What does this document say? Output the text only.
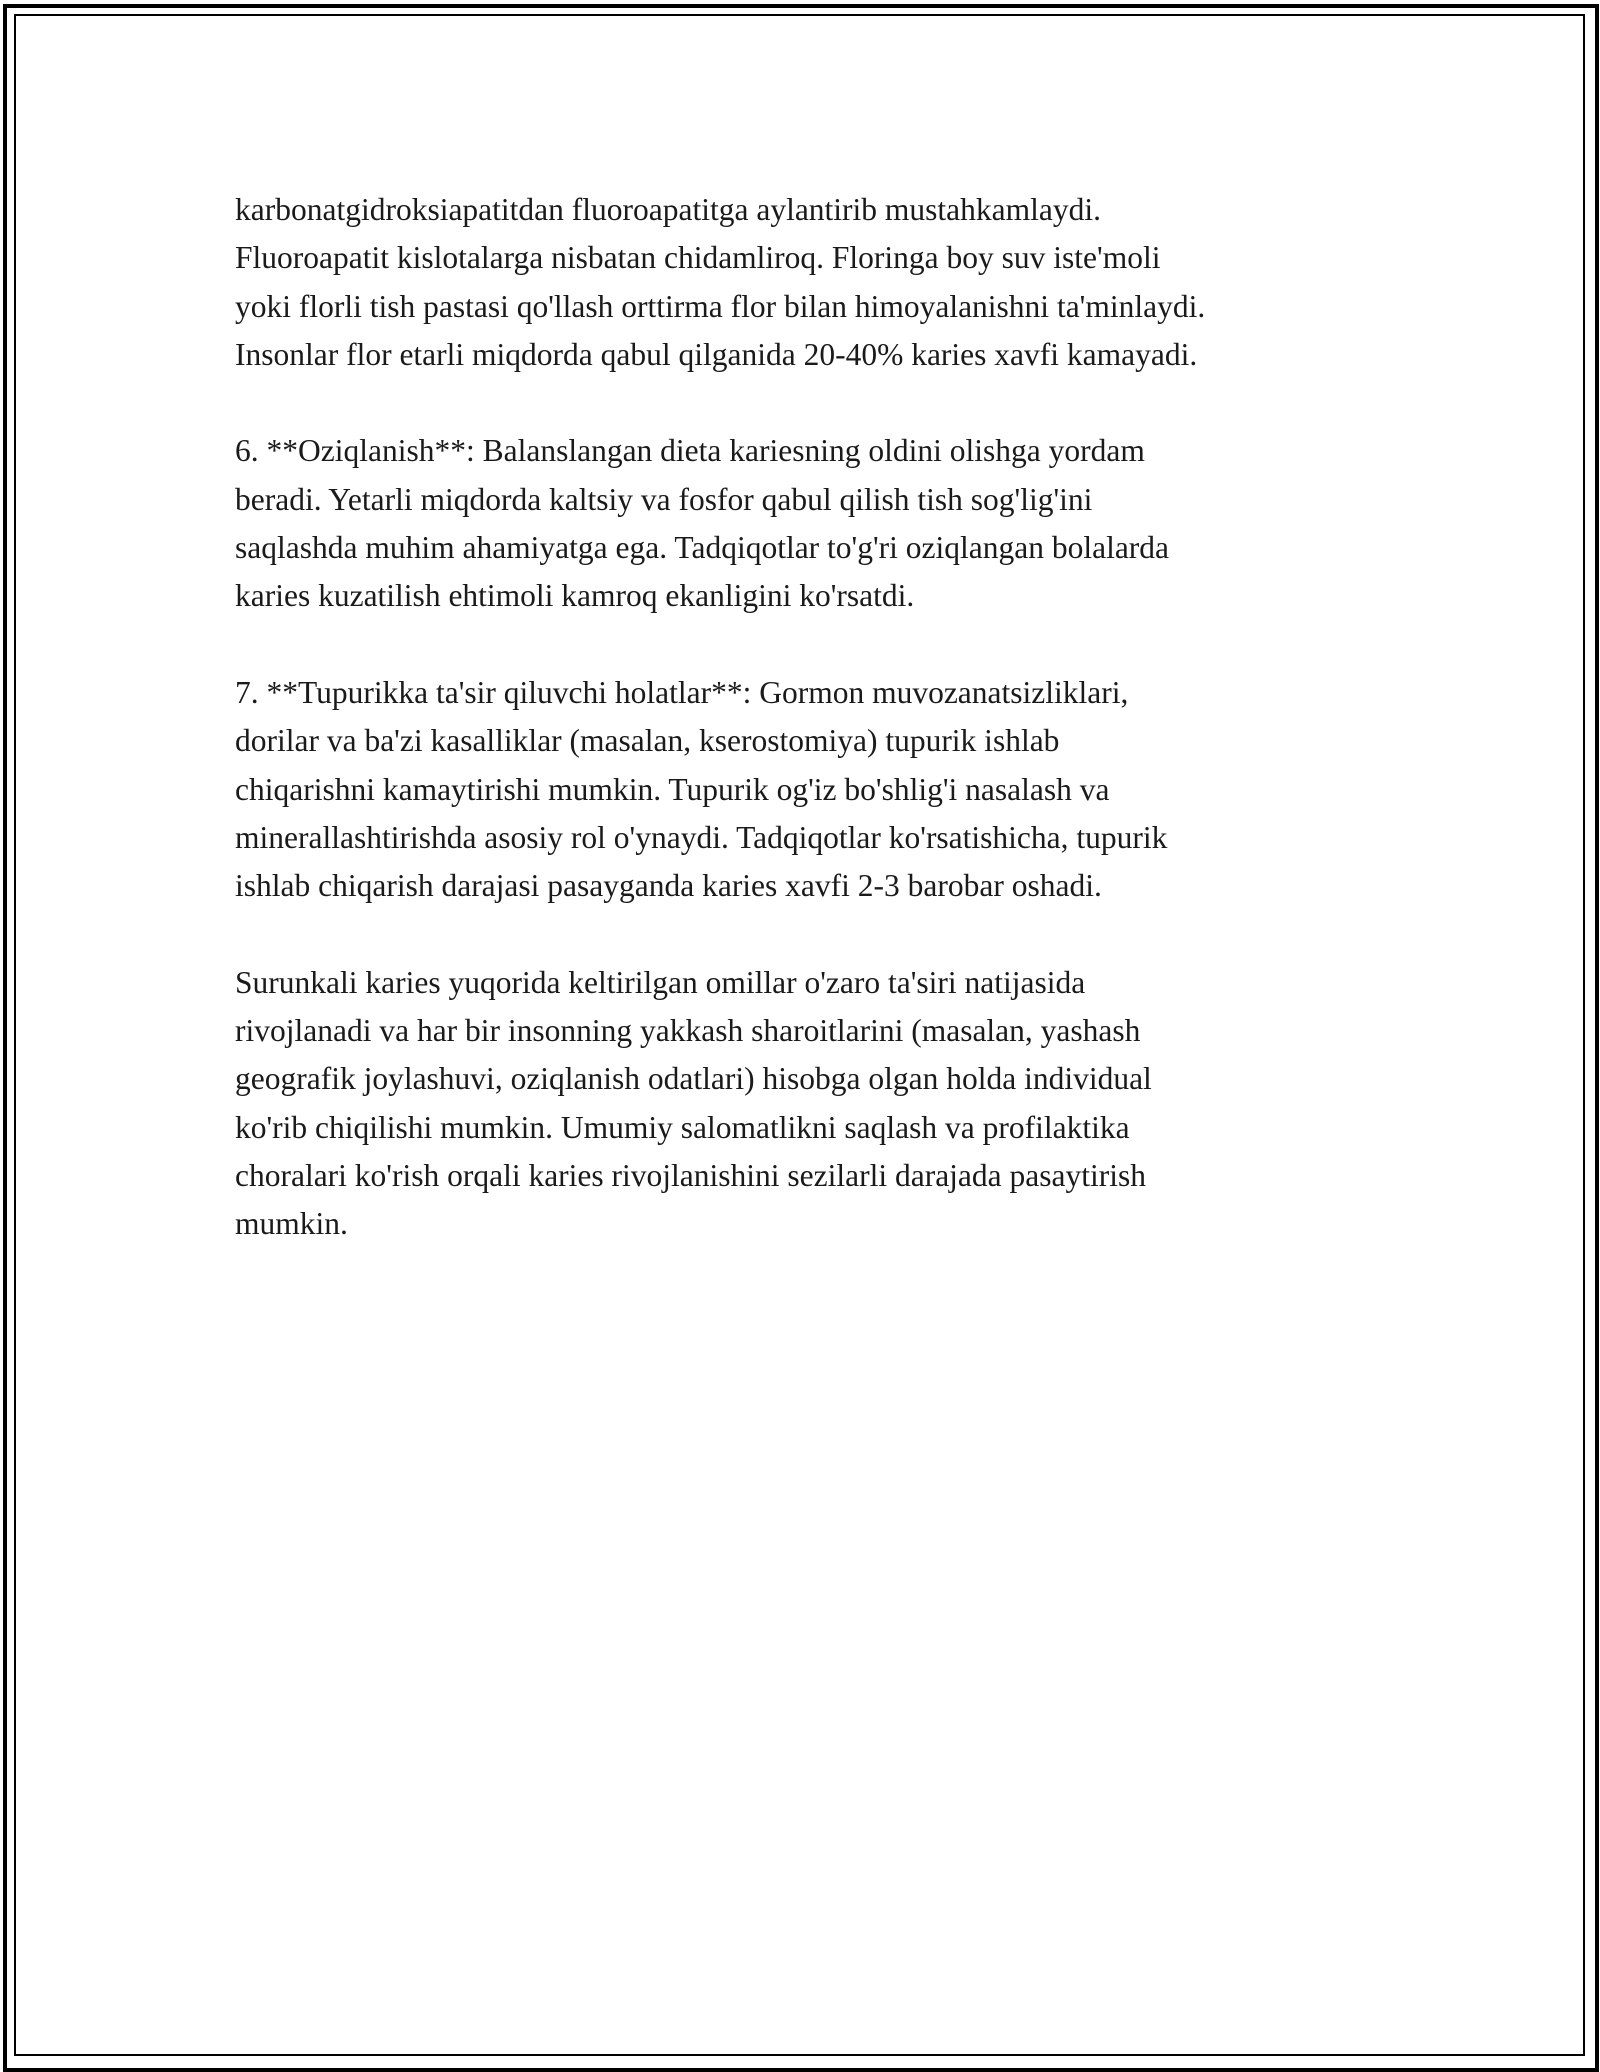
karbonatgidroksiapatitdan fluoroapatitga aylantirib mustahkamlaydi.
Fluoroapatit kislotalarga nisbatan chidamliroq. Floringa boy suv iste'moli
yoki florli tish pastasi qo'llash orttirma flor bilan himoyalanishni ta'minlaydi.
Insonlar flor etarli miqdorda qabul qilganida 20-40% karies xavfi kamayadi.

6. **Oziqlanish**: Balanslangan dieta kariesning oldini olishga yordam
beradi. Yetarli miqdorda kaltsiy va fosfor qabul qilish tish sog'lig'ini
saqlashda muhim ahamiyatga ega. Tadqiqotlar to'g'ri oziqlangan bolalarda
karies kuzatilish ehtimoli kamroq ekanligini ko'rsatdi.

7. **Tupurikka ta'sir qiluvchi holatlar**: Gormon muvozanatsizliklari,
dorilar va ba'zi kasalliklar (masalan, kserostomiya) tupurik ishlab
chiqarishni kamaytirishi mumkin. Tupurik og'iz bo'shlig'i nasalash va
minerallashtirishda asosiy rol o'ynaydi. Tadqiqotlar ko'rsatishicha, tupurik
ishlab chiqarish darajasi pasayganda karies xavfi 2-3 barobar oshadi.

Surunkali karies yuqorida keltirilgan omillar o'zaro ta'siri natijasida
rivojlanadi va har bir insonning yakkash sharoitlarini (masalan, yashash
geografik joylashuvi, oziqlanish odatlari) hisobga olgan holda individual
ko'rib chiqilishi mumkin. Umumiy salomatlikni saqlash va profilaktika
choralari ko'rish orqali karies rivojlanishini sezilarli darajada pasaytirish
mumkin.
